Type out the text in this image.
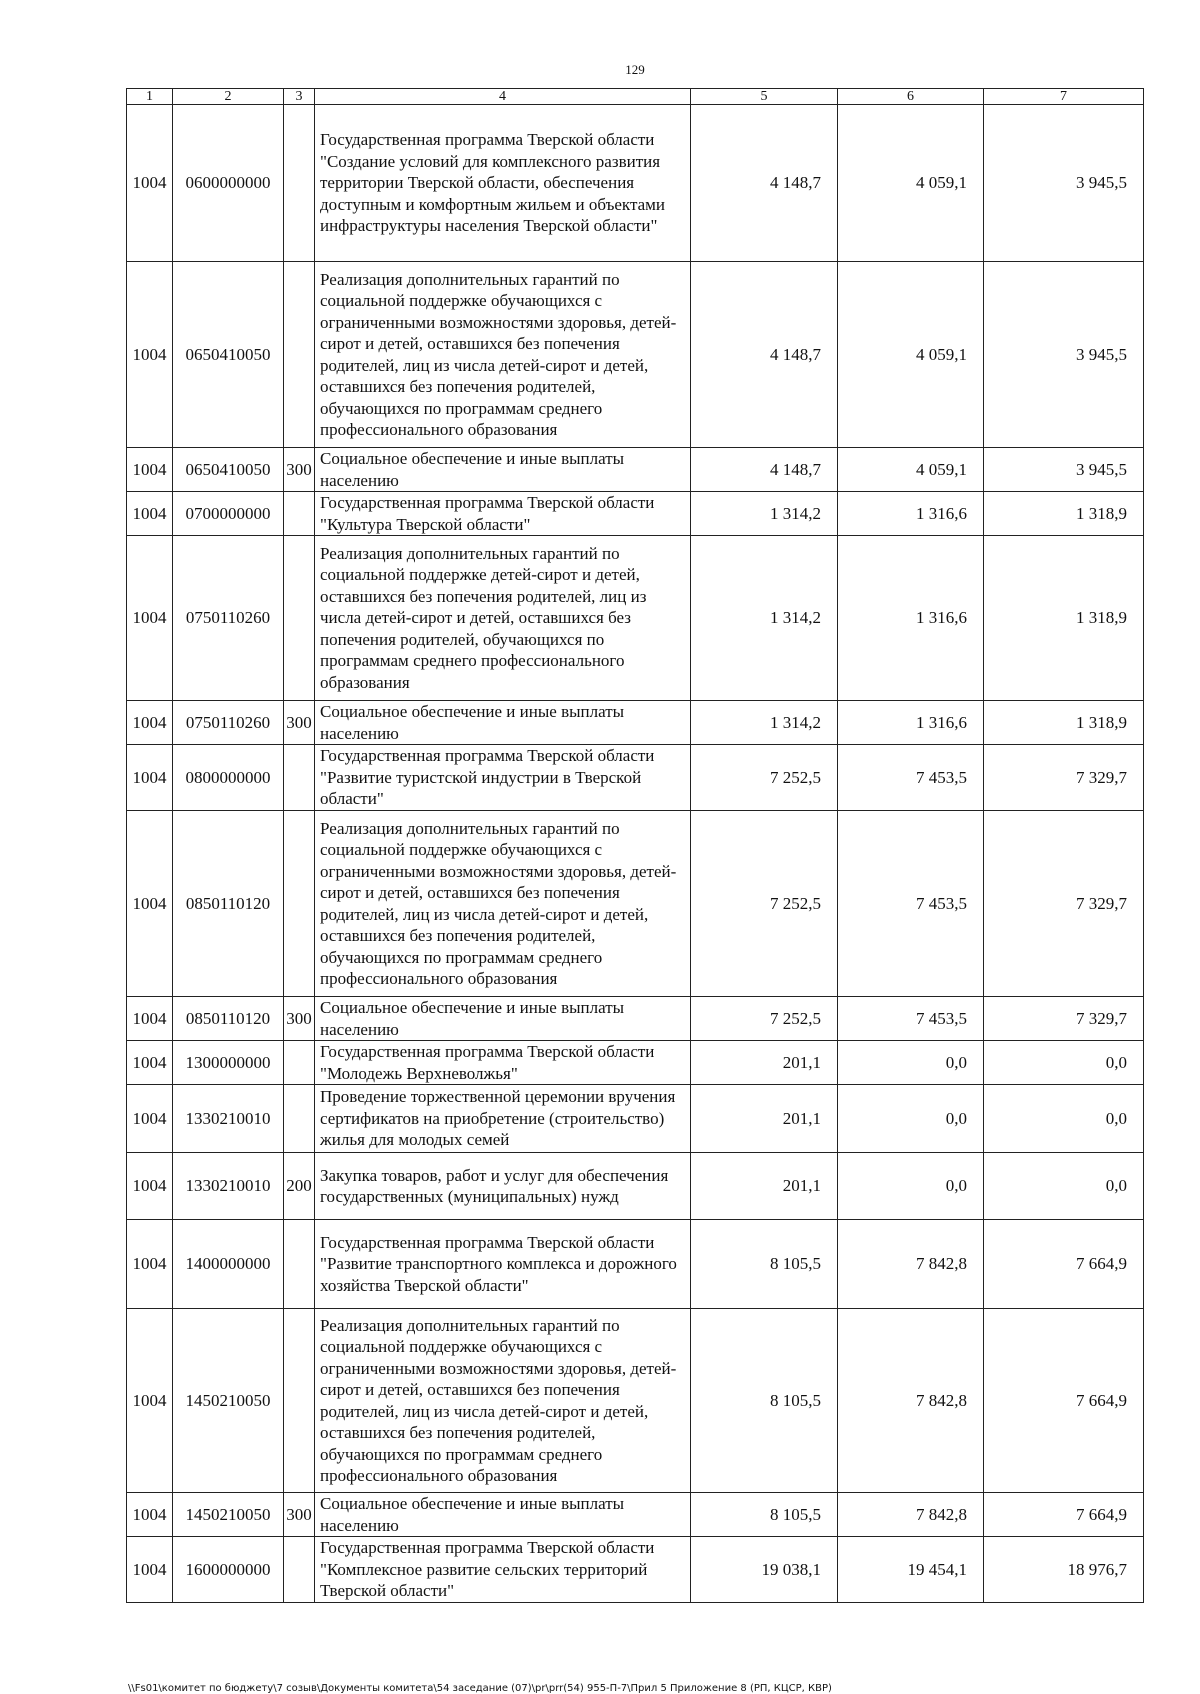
129
1	2	3	4	5	6	7
1004	0600000000		Государственная программа Тверской области "Создание условий для комплексного развития территории Тверской области, обеспечения доступным и комфортным жильем и объектами инфраструктуры населения Тверской области"	4 148,7	4 059,1	3 945,5
1004	0650410050		Реализация дополнительных гарантий по социальной поддержке обучающихся с ограниченными возможностями здоровья, детей-сирот и детей, оставшихся без попечения родителей, лиц из числа детей-сирот и детей, оставшихся без попечения родителей, обучающихся по программам среднего профессионального образования	4 148,7	4 059,1	3 945,5
1004	0650410050	300	Социальное обеспечение и иные выплаты населению	4 148,7	4 059,1	3 945,5
1004	0700000000		Государственная программа Тверской области "Культура Тверской области"	1 314,2	1 316,6	1 318,9
1004	0750110260		Реализация дополнительных гарантий по социальной поддержке детей-сирот и детей, оставшихся без попечения родителей, лиц из числа детей-сирот и детей, оставшихся без попечения родителей, обучающихся по программам среднего профессионального образования	1 314,2	1 316,6	1 318,9
1004	0750110260	300	Социальное обеспечение и иные выплаты населению	1 314,2	1 316,6	1 318,9
1004	0800000000		Государственная программа Тверской области "Развитие туристской индустрии в Тверской области"	7 252,5	7 453,5	7 329,7
1004	0850110120		Реализация дополнительных гарантий по социальной поддержке обучающихся с ограниченными возможностями здоровья, детей-сирот и детей, оставшихся без попечения родителей, лиц из числа детей-сирот и детей, оставшихся без попечения родителей, обучающихся по программам среднего профессионального образования	7 252,5	7 453,5	7 329,7
1004	0850110120	300	Социальное обеспечение и иные выплаты населению	7 252,5	7 453,5	7 329,7
1004	1300000000		Государственная программа Тверской области "Молодежь Верхневолжья"	201,1	0,0	0,0
1004	1330210010		Проведение торжественной церемонии вручения сертификатов на приобретение (строительство) жилья для молодых семей	201,1	0,0	0,0
1004	1330210010	200	Закупка товаров, работ и услуг для обеспечения государственных (муниципальных) нужд	201,1	0,0	0,0
1004	1400000000		Государственная программа Тверской области "Развитие транспортного комплекса и дорожного хозяйства Тверской области"	8 105,5	7 842,8	7 664,9
1004	1450210050		Реализация дополнительных гарантий по социальной поддержке обучающихся с ограниченными возможностями здоровья, детей-сирот и детей, оставшихся без попечения родителей, лиц из числа детей-сирот и детей, оставшихся без попечения родителей, обучающихся по программам среднего профессионального образования	8 105,5	7 842,8	7 664,9
1004	1450210050	300	Социальное обеспечение и иные выплаты населению	8 105,5	7 842,8	7 664,9
1004	1600000000		Государственная программа Тверской области "Комплексное развитие сельских территорий Тверской области"	19 038,1	19 454,1	18 976,7
\\Fs01\комитет по бюджету\7 созыв\Документы комитета\54 заседание (07)\pr\prr(54) 955-П-7\Прил 5 Приложение 8 (РП, КЦСР, КВР)
